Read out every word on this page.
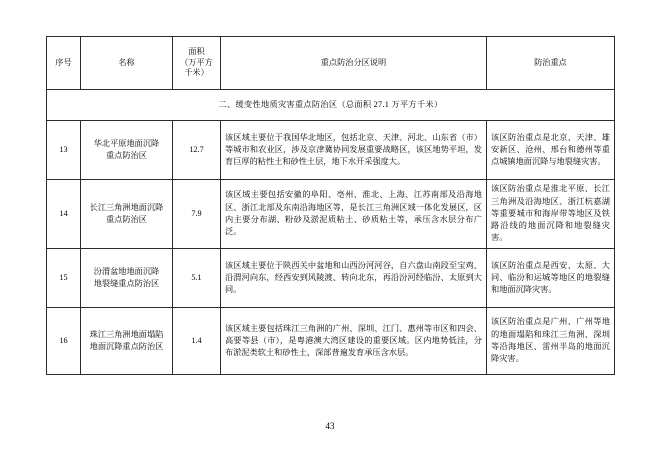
序号	名称	面积
（万平方
千米）	重点防治分区说明	防治重点
二、缓变性地质灾害重点防治区（总面积 27.1 万平方千米）				
13	华北平原地面沉降
重点防治区	12.7	该区域主要位于我国华北地区，包括北京、天津、河北、山东省（市）等城市和农业区，涉及京津冀协同发展重要战略区，该区地势平坦，发育巨厚的粘性土和砂性土层，地下水开采强度大。	该区防治重点是北京、天津、雄安新区、沧州、邢台和德州等重点城镇地面沉降与地裂缝灾害。
14	长江三角洲地面沉降
重点防治区	7.9	该区域主要包括安徽的阜阳、亳州、淮北、上海、江苏南部及沿海地区、浙江北部及东南沿海地区等，是长江三角洲区域一体化发展区，区内主要分布湖、粉砂及淤泥质粘土、砂质粘土等，承压含水层分布广泛。	该区防治重点是淮北平原、长江三角洲及沿海地区、浙江杭嘉湖等重要城市和海岸带等地区及铁路沿线的地面沉降和地裂缝灾害。
15	汾渭盆地地面沉降
地裂缝重点防治区	5.1	该区域主要位于陕西关中盆地和山西汾河河谷，自六盘山南段至宝鸡、沿渭河向东，经西安到风陵渡、转向北东，再沿汾河经临汾、太原到大同。	该区防治重点是西安、太原、大同、临汾和运城等地区的地裂缝和地面沉降灾害。
16	珠江三角洲地面塌陷
地面沉降重点防治区	1.4	该区域主要包括珠江三角洲的广州、深圳、江门、惠州等市区和四会、高要等县（市），是粤港澳大湾区建设的重要区域。区内地势低洼，分布淤泥类软土和砂性土，深部普遍发育承压含水层。	该区防治重点是广州、广州等地的地面塌陷和珠江三角洲、深圳等沿海地区、雷州半岛的地面沉降灾害。
43
